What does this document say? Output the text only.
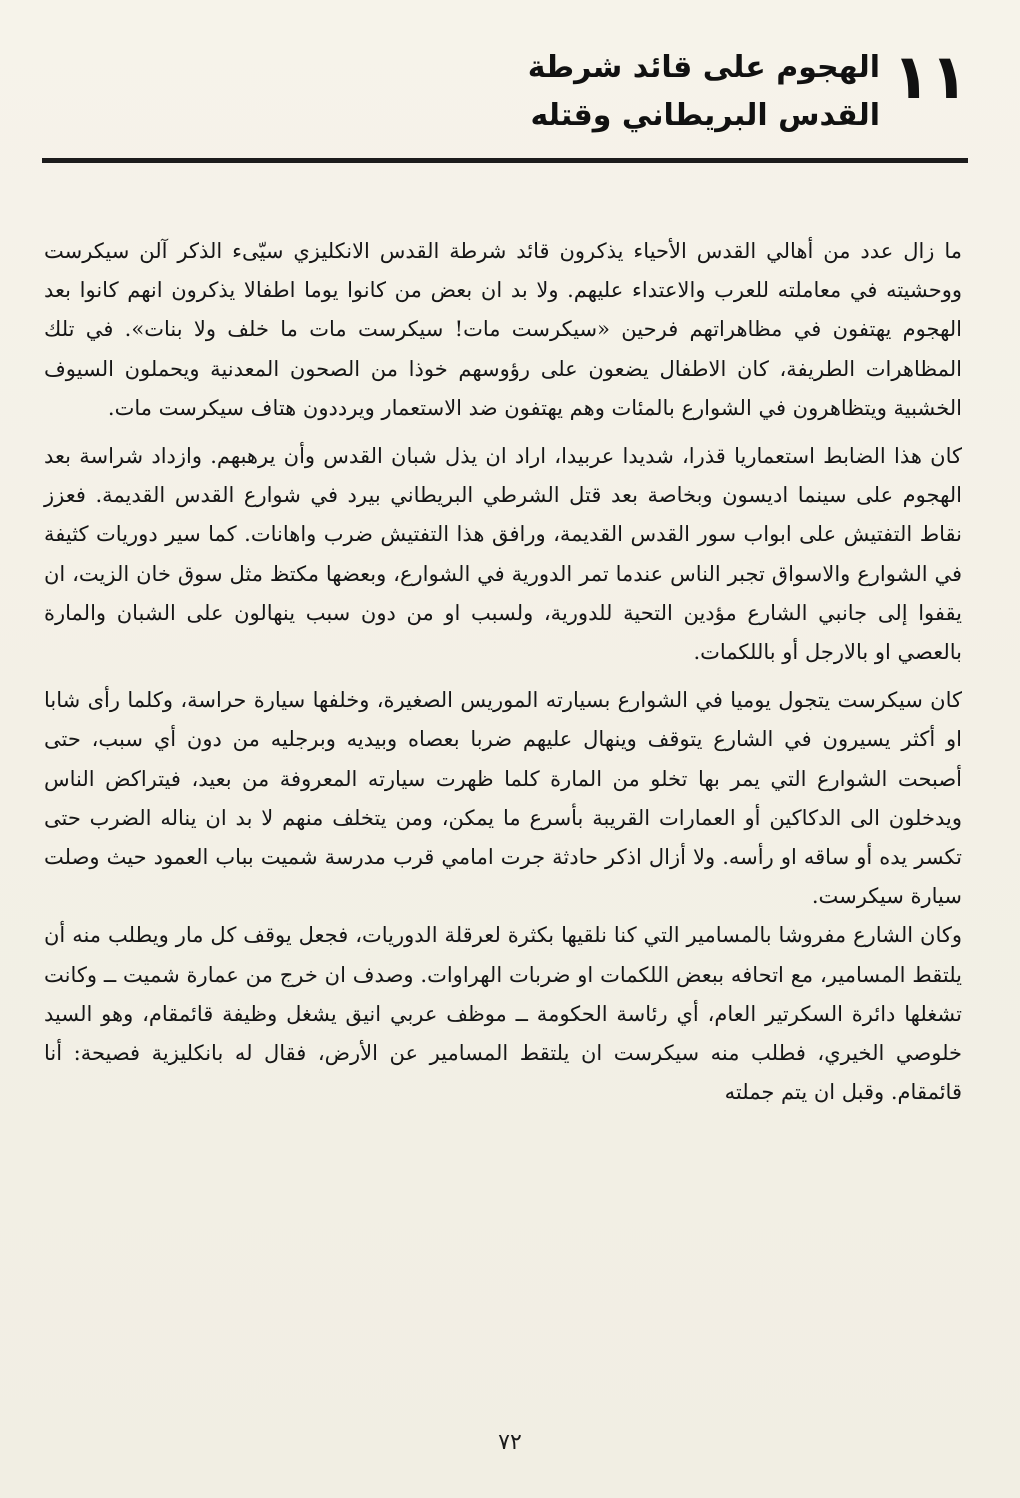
١١
الهجوم على قائد شرطة
القدس البريطاني وقتله

ما زال عدد من أهالي القدس الأحياء يذكرون قائد شرطة القدس الانكليزي سيّىء الذكر آلن سيكرست ووحشيته في معاملته للعرب والاعتداء عليهم. ولا بد ان بعض من كانوا يوما اطفالا يذكرون انهم كانوا بعد الهجوم يهتفون في مظاهراتهم فرحين «سيكرست مات! سيكرست مات ما خلف ولا بنات». في تلك المظاهرات الطريفة، كان الاطفال يضعون على رؤوسهم خوذا من الصحون المعدنية ويحملون السيوف الخشبية ويتظاهرون في الشوارع بالمئات وهم يهتفون ضد الاستعمار ويرددون هتاف سيكرست مات.

كان هذا الضابط استعماريا قذرا، شديدا عربيدا، اراد ان يذل شبان القدس وأن يرهبهم. وازداد شراسة بعد الهجوم على سينما اديسون وبخاصة بعد قتل الشرطي البريطاني بيرد في شوارع القدس القديمة. فعزز نقاط التفتيش على ابواب سور القدس القديمة، ورافق هذا التفتيش ضرب واهانات. كما سير دوريات كثيفة في الشوارع والاسواق تجبر الناس عندما تمر الدورية في الشوارع، وبعضها مكتظ مثل سوق خان الزيت، ان يقفوا إلى جانبي الشارع مؤدين التحية للدورية، ولسبب او من دون سبب ينهالون على الشبان والمارة بالعصي او بالارجل أو باللكمات.

كان سيكرست يتجول يوميا في الشوارع بسيارته الموريس الصغيرة، وخلفها سيارة حراسة، وكلما رأى شابا او أكثر يسيرون في الشارع يتوقف وينهال عليهم ضربا بعصاه وبيديه وبرجليه من دون أي سبب، حتى أصبحت الشوارع التي يمر بها تخلو من المارة كلما ظهرت سيارته المعروفة من بعيد، فيتراكض الناس ويدخلون الى الدكاكين أو العمارات القريبة بأسرع ما يمكن، ومن يتخلف منهم لا بد ان يناله الضرب حتى تكسر يده أو ساقه او رأسه. ولا أزال اذكر حادثة جرت امامي قرب مدرسة شميت بباب العمود حيث وصلت سيارة سيكرست.

وكان الشارع مفروشا بالمسامير التي كنا نلقيها بكثرة لعرقلة الدوريات، فجعل يوقف كل مار ويطلب منه أن يلتقط المسامير، مع اتحافه ببعض اللكمات او ضربات الهراوات. وصدف ان خرج من عمارة شميت ــ وكانت تشغلها دائرة السكرتير العام، أي رئاسة الحكومة ــ موظف عربي انيق يشغل وظيفة قائمقام، وهو السيد خلوصي الخيري، فطلب منه سيكرست ان يلتقط المسامير عن الأرض، فقال له بانكليزية فصيحة: أنا قائمقام. وقبل ان يتم جملته

٧٢
